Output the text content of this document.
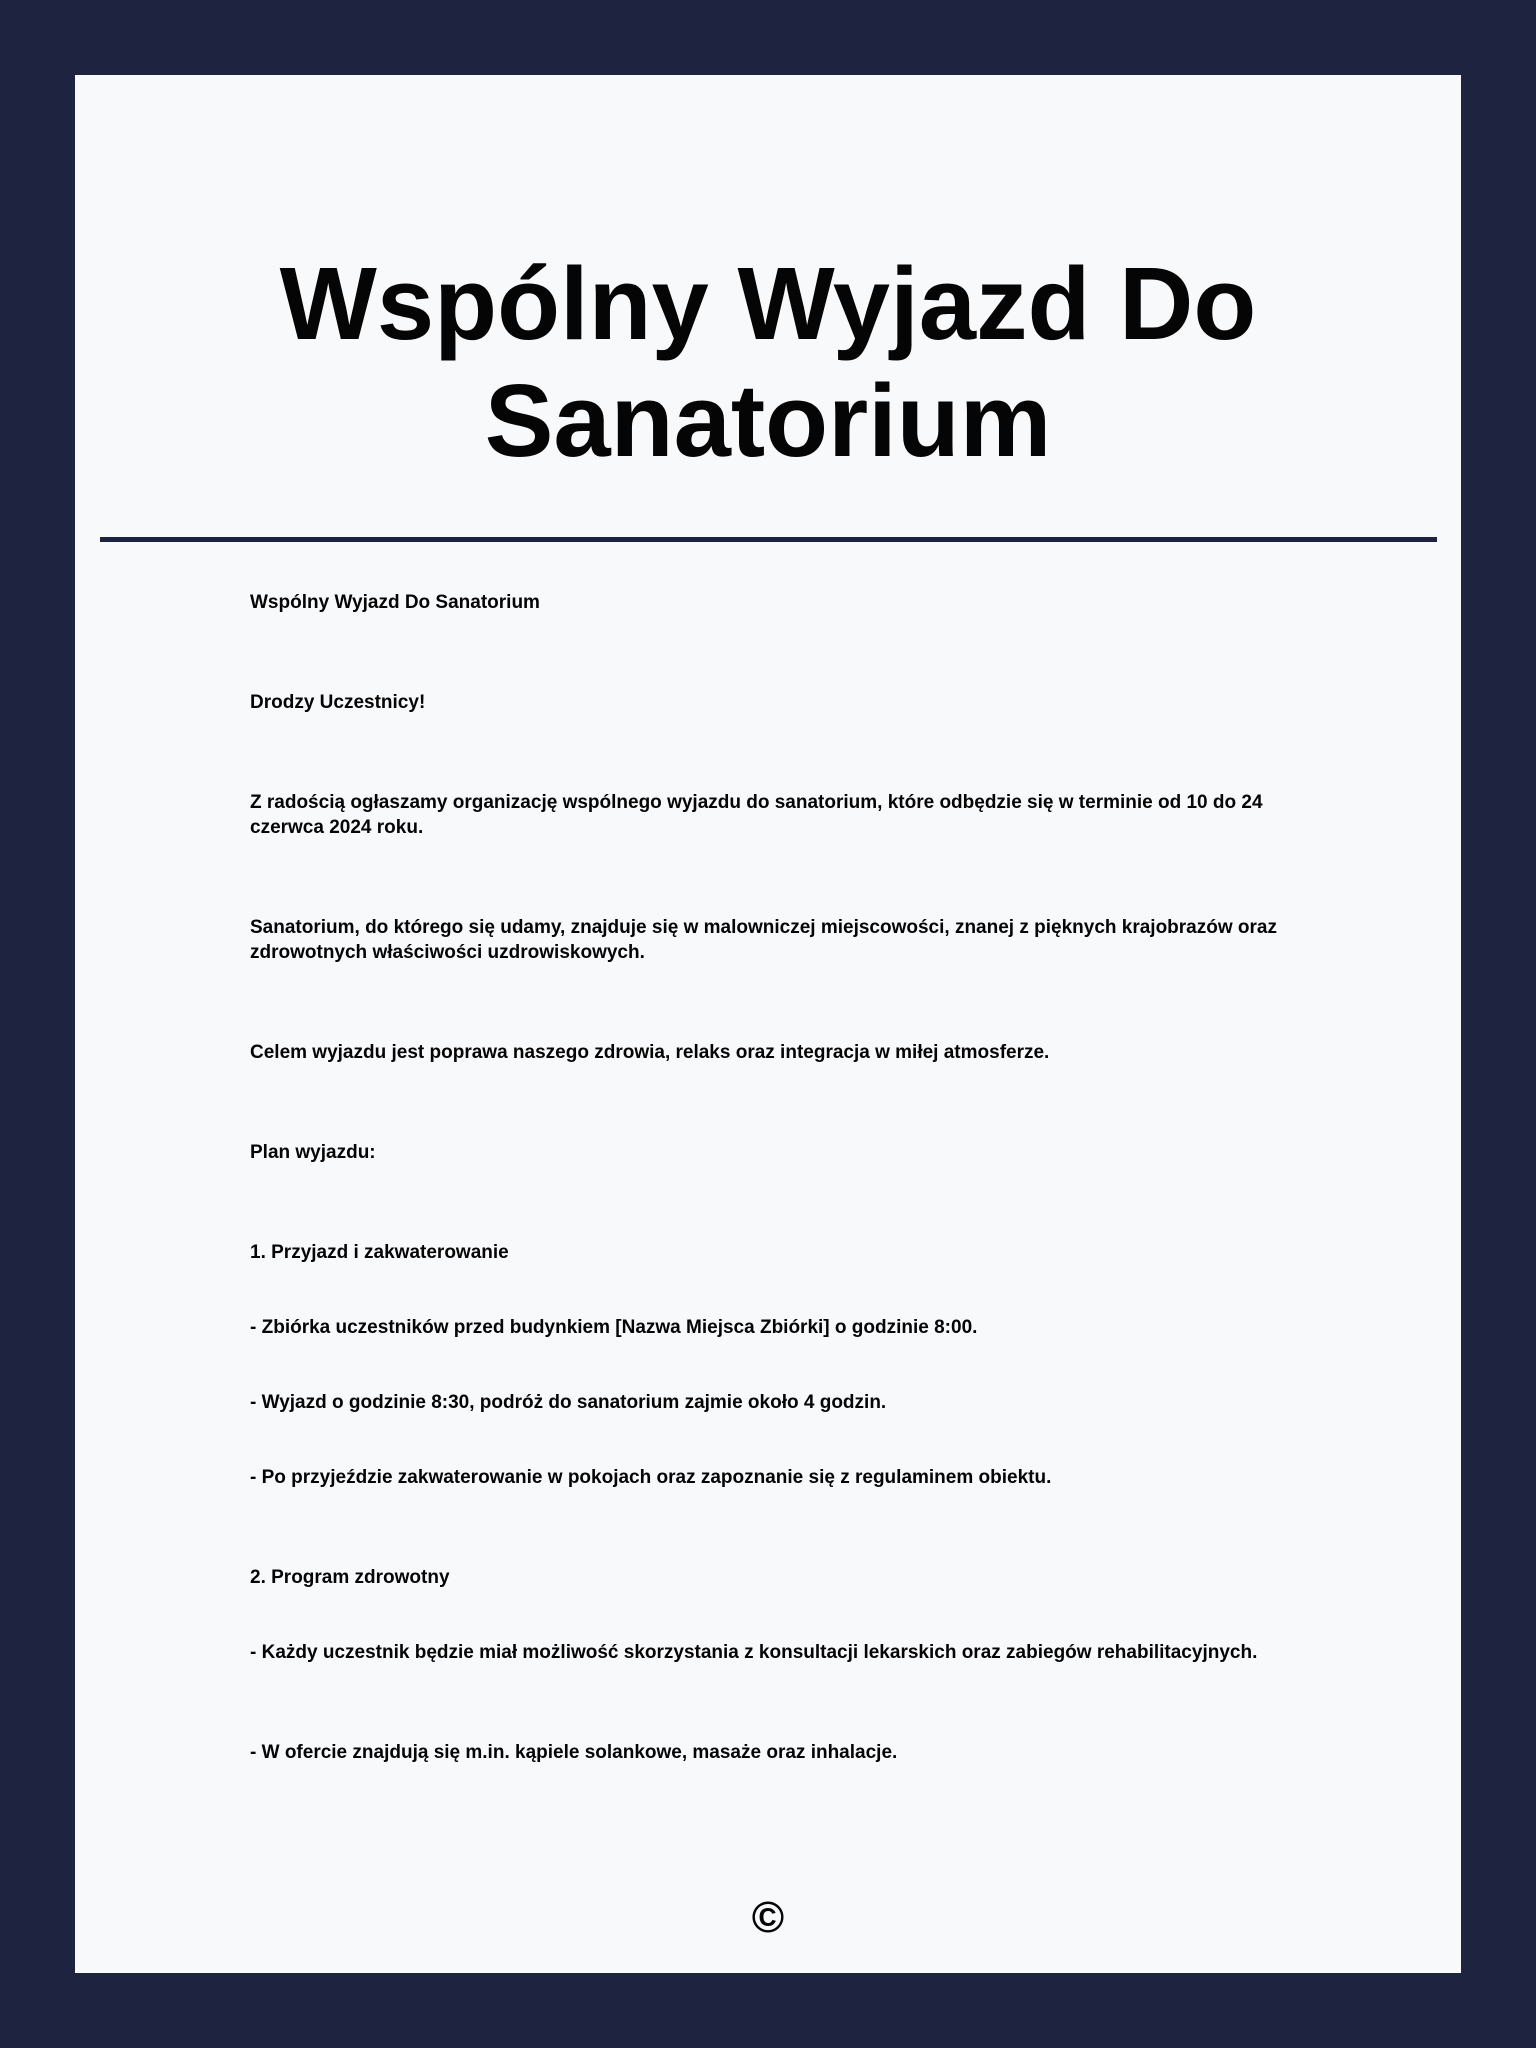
Wspólny Wyjazd Do Sanatorium

Wspólny Wyjazd Do Sanatorium

Drodzy Uczestnicy!

Z radością ogłaszamy organizację wspólnego wyjazdu do sanatorium, które odbędzie się w terminie od 10 do 24 czerwca 2024 roku.

Sanatorium, do którego się udamy, znajduje się w malowniczej miejscowości, znanej z pięknych krajobrazów oraz zdrowotnych właściwości uzdrowiskowych.

Celem wyjazdu jest poprawa naszego zdrowia, relaks oraz integracja w miłej atmosferze.

Plan wyjazdu:

1. Przyjazd i zakwaterowanie

- Zbiórka uczestników przed budynkiem [Nazwa Miejsca Zbiórki] o godzinie 8:00.

- Wyjazd o godzinie 8:30, podróż do sanatorium zajmie około 4 godzin.

- Po przyjeździe zakwaterowanie w pokojach oraz zapoznanie się z regulaminem obiektu.

2. Program zdrowotny

- Każdy uczestnik będzie miał możliwość skorzystania z konsultacji lekarskich oraz zabiegów rehabilitacyjnych.

- W ofercie znajdują się m.in. kąpiele solankowe, masaże oraz inhalacje.

©
